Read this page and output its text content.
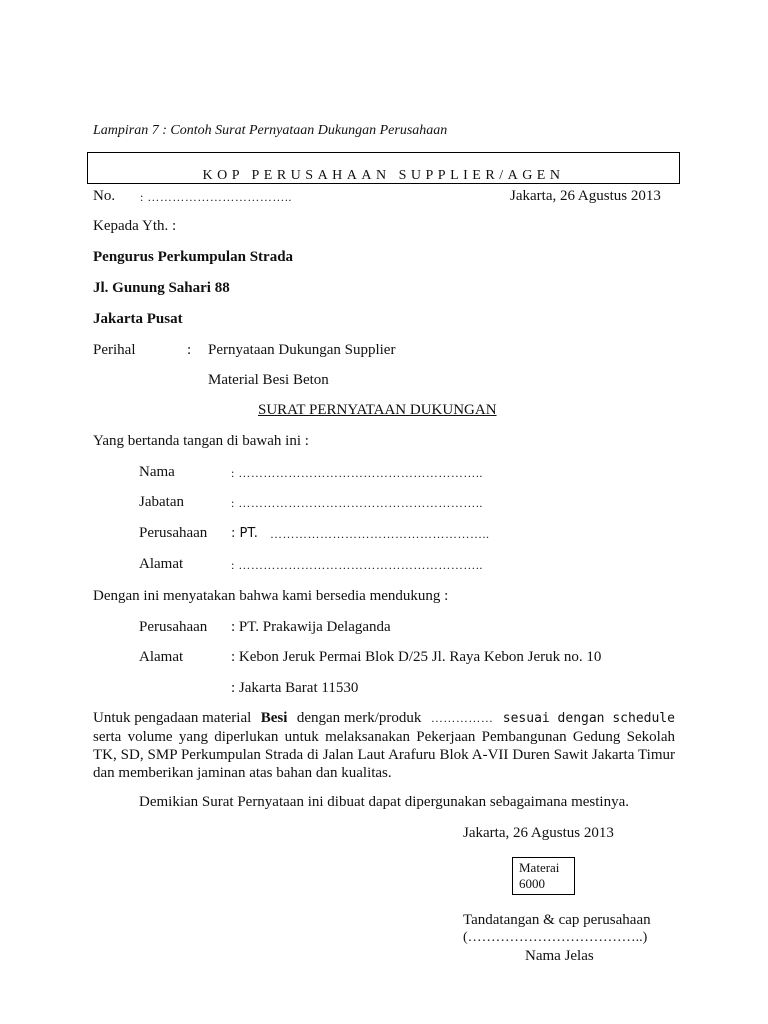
Lampiran 7 : Contoh Surat Pernyataan Dukungan Perusahaan
KOP PERUSAHAAN SUPPLIER/AGEN
No. : ……………………………..	Jakarta, 26 Agustus 2013
Kepada Yth. :
Pengurus Perkumpulan Strada
Jl. Gunung Sahari 88
Jakarta Pusat
Perihal	: Pernyataan Dukungan Supplier
Material Besi Beton
SURAT PERNYATAAN DUKUNGAN
Yang bertanda tangan di bawah ini :
Nama	: …………………………………………………..
Jabatan	: …………………………………………………..
Perusahaan : PT. ……………………………………………..
Alamat	: …………………………………………………..
Dengan ini menyatakan bahwa kami bersedia mendukung :
Perusahaan : PT. Prakawija Delaganda
Alamat	: Kebon Jeruk Permai Blok D/25 Jl. Raya Kebon Jeruk no. 10
: Jakarta Barat 11530
Untuk pengadaan material Besi dengan merk/produk …………… sesuai dengan schedule
serta volume yang diperlukan untuk melaksanakan Pekerjaan Pembangunan Gedung Sekolah TK, SD, SMP Perkumpulan Strada di Jalan Laut Arafuru Blok A-VII Duren Sawit Jakarta Timur dan memberikan jaminan atas bahan dan kualitas.
Demikian Surat Pernyataan ini dibuat dapat dipergunakan sebagaimana mestinya.
Jakarta, 26 Agustus 2013
Materai
6000
Tandatangan & cap perusahaan
(………………………………..)
Nama Jelas
